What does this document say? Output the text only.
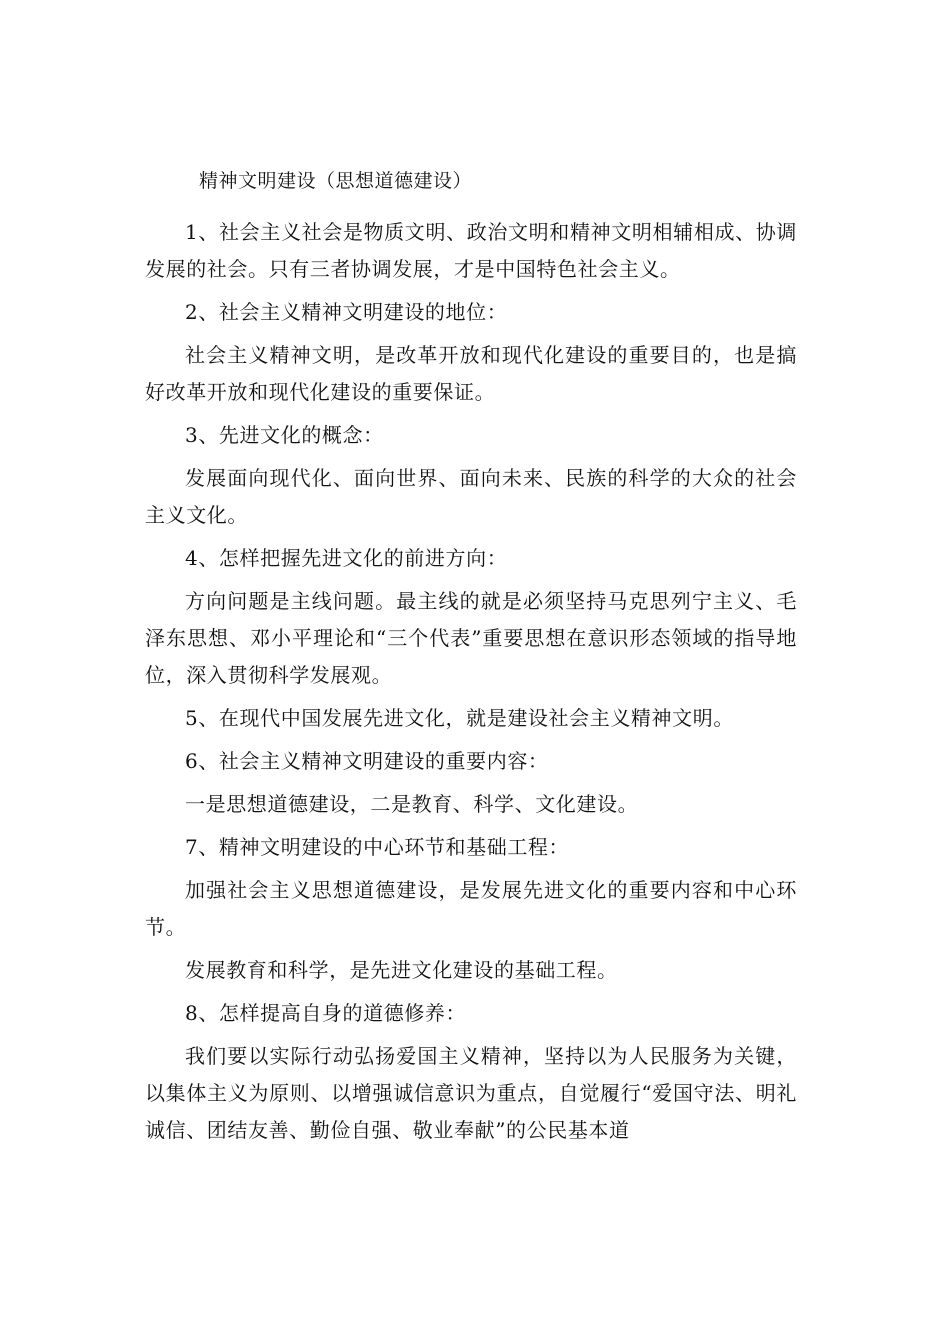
精神文明建设（思想道德建设）

1、社会主义社会是物质文明、政治文明和精神文明相辅相成、协调发展的社会。只有三者协调发展，才是中国特色社会主义。

2、社会主义精神文明建设的地位：

社会主义精神文明，是改革开放和现代化建设的重要目的，也是搞好改革开放和现代化建设的重要保证。

3、先进文化的概念：

发展面向现代化、面向世界、面向未来、民族的科学的大众的社会主义文化。

4、怎样把握先进文化的前进方向：

方向问题是主线问题。最主线的就是必须坚持马克思列宁主义、毛泽东思想、邓小平理论和“三个代表”重要思想在意识形态领域的指导地位，深入贯彻科学发展观。

5、在现代中国发展先进文化，就是建设社会主义精神文明。

6、社会主义精神文明建设的重要内容：

一是思想道德建设，二是教育、科学、文化建设。

7、精神文明建设的中心环节和基础工程：

加强社会主义思想道德建设，是发展先进文化的重要内容和中心环节。

发展教育和科学，是先进文化建设的基础工程。

8、怎样提高自身的道德修养：

我们要以实际行动弘扬爱国主义精神，坚持以为人民服务为关键，以集体主义为原则、以增强诚信意识为重点，自觉履行“爱国守法、明礼诚信、团结友善、勤俭自强、敬业奉献”的公民基本道
